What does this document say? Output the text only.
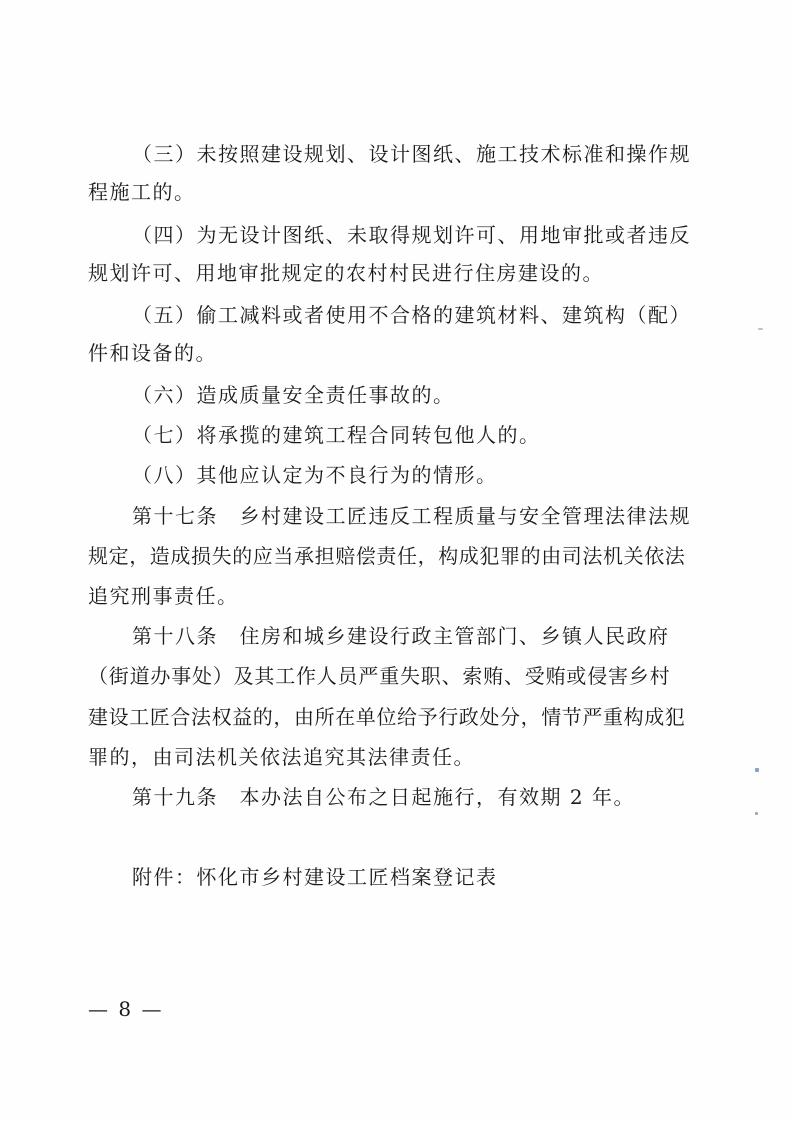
（三）未按照建设规划、设计图纸、施工技术标准和操作规
程施工的。
（四）为无设计图纸、未取得规划许可、用地审批或者违反
规划许可、用地审批规定的农村村民进行住房建设的。
（五）偷工减料或者使用不合格的建筑材料、建筑构（配）
件和设备的。
（六）造成质量安全责任事故的。
（七）将承揽的建筑工程合同转包他人的。
（八）其他应认定为不良行为的情形。
第十七条　乡村建设工匠违反工程质量与安全管理法律法规
规定，造成损失的应当承担赔偿责任，构成犯罪的由司法机关依法
追究刑事责任。
第十八条　住房和城乡建设行政主管部门、乡镇人民政府
（街道办事处）及其工作人员严重失职、索贿、受贿或侵害乡村
建设工匠合法权益的，由所在单位给予行政处分，情节严重构成犯
罪的，由司法机关依法追究其法律责任。
第十九条　本办法自公布之日起施行，有效期 2 年。
附件：怀化市乡村建设工匠档案登记表
— 8 —
